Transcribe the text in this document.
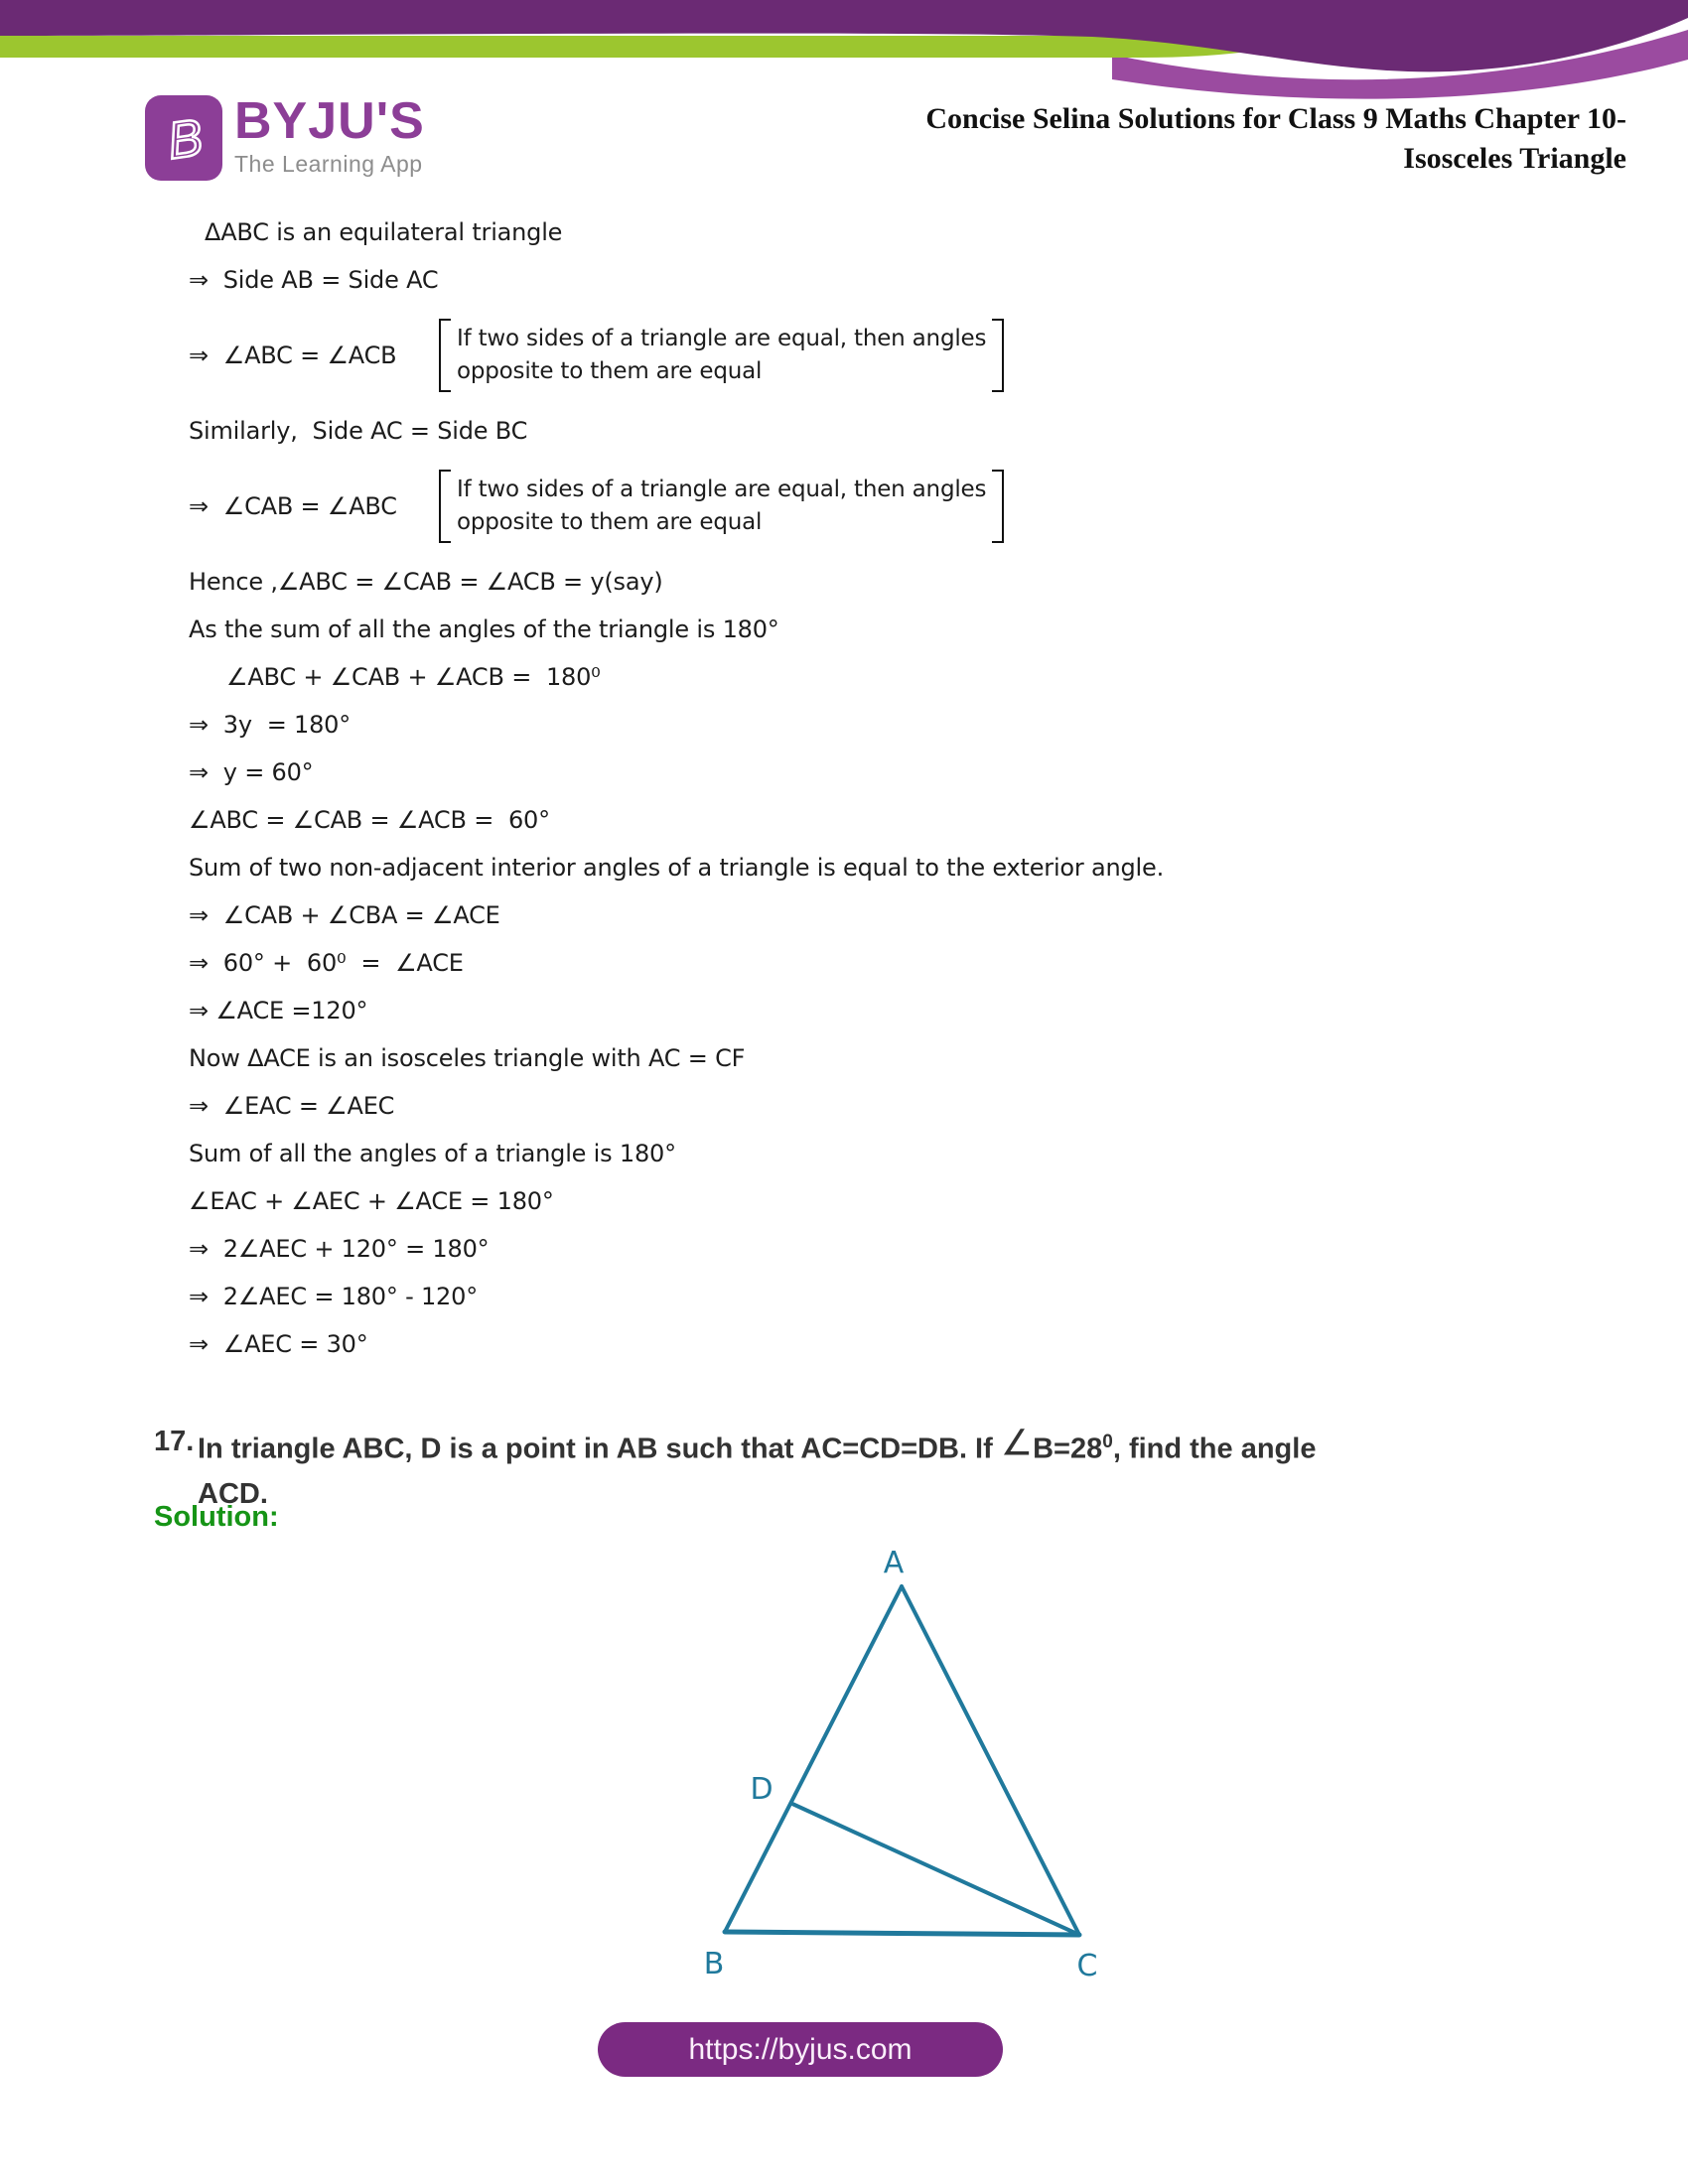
B BYJU'S
The Learning App
Concise Selina Solutions for Class 9 Maths Chapter 10-
Isosceles Triangle
ΔABC is an equilateral triangle
⇒  Side AB = Side AC
⇒  ∠ABC = ∠ACB
If two sides of a triangle are equal, then angles
opposite to them are equal
Similarly,  Side AC = Side BC
⇒  ∠CAB = ∠ABC
If two sides of a triangle are equal, then angles
opposite to them are equal
Hence ,∠ABC = ∠CAB = ∠ACB = y(say)
As the sum of all the angles of the triangle is 180°
∠ABC + ∠CAB + ∠ACB =  180⁰
⇒  3y  = 180°
⇒  y = 60°
∠ABC = ∠CAB = ∠ACB =  60°
Sum of two non-adjacent interior angles of a triangle is equal to the exterior angle.
⇒  ∠CAB + ∠CBA = ∠ACE
⇒  60° +  60⁰  =  ∠ACE
⇒ ∠ACE =120°
Now ΔACE is an isosceles triangle with AC = CF
⇒  ∠EAC = ∠AEC
Sum of all the angles of a triangle is 180°
∠EAC + ∠AEC + ∠ACE = 180°
⇒  2∠AEC + 120° = 180°
⇒  2∠AEC = 180° - 120°
⇒  ∠AEC = 30°
17. In triangle ABC, D is a point in AB such that AC=CD=DB. If $\angle B=28^0$, find the angle
ACD.
Solution:
A
D
B	C
https://byjus.com
